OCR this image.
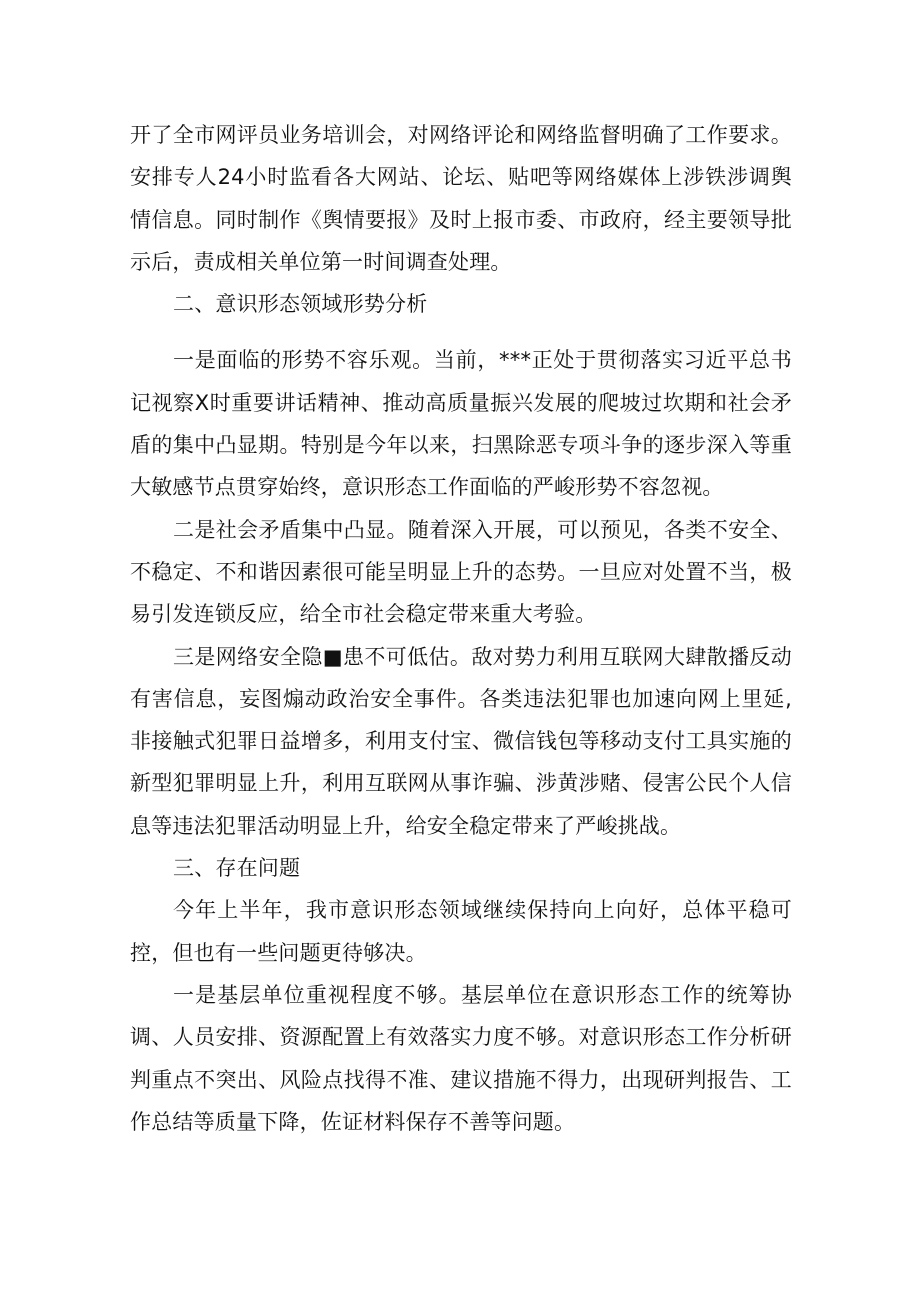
开了全市网评员业务培训会，对网络评论和网络监督明确了工作要求。安排专人24小时监看各大网站、论坛、贴吧等网络媒体上涉铁涉调舆情信息。同时制作《舆情要报》及时上报市委、市政府，经主要领导批示后，责成相关单位第一时间调查处理。

二、意识形态领域形势分析

一是面临的形势不容乐观。当前，***正处于贯彻落实习近平总书记视察X时重要讲话精神、推动高质量振兴发展的爬坡过坎期和社会矛盾的集中凸显期。特别是今年以来，扫黑除恶专项斗争的逐步深入等重大敏感节点贯穿始终，意识形态工作面临的严峻形势不容忽视。

二是社会矛盾集中凸显。随着深入开展，可以预见，各类不安全、不稳定、不和谐因素很可能呈明显上升的态势。一旦应对处置不当，极易引发连锁反应，给全市社会稳定带来重大考验。

三是网络安全隐■患不可低估。敌对势力利用互联网大肆散播反动有害信息，妄图煽动政治安全事件。各类违法犯罪也加速向网上里延,非接触式犯罪日益增多，利用支付宝、微信钱包等移动支付工具实施的新型犯罪明显上升，利用互联网从事诈骗、涉黄涉赌、侵害公民个人信息等违法犯罪活动明显上升，给安全稳定带来了严峻挑战。

三、存在问题

今年上半年，我市意识形态领域继续保持向上向好，总体平稳可控，但也有一些问题更待够决。

一是基层单位重视程度不够。基层单位在意识形态工作的统筹协调、人员安排、资源配置上有效落实力度不够。对意识形态工作分析研判重点不突出、风险点找得不准、建议措施不得力，出现研判报告、工作总结等质量下降，佐证材料保存不善等问题。
